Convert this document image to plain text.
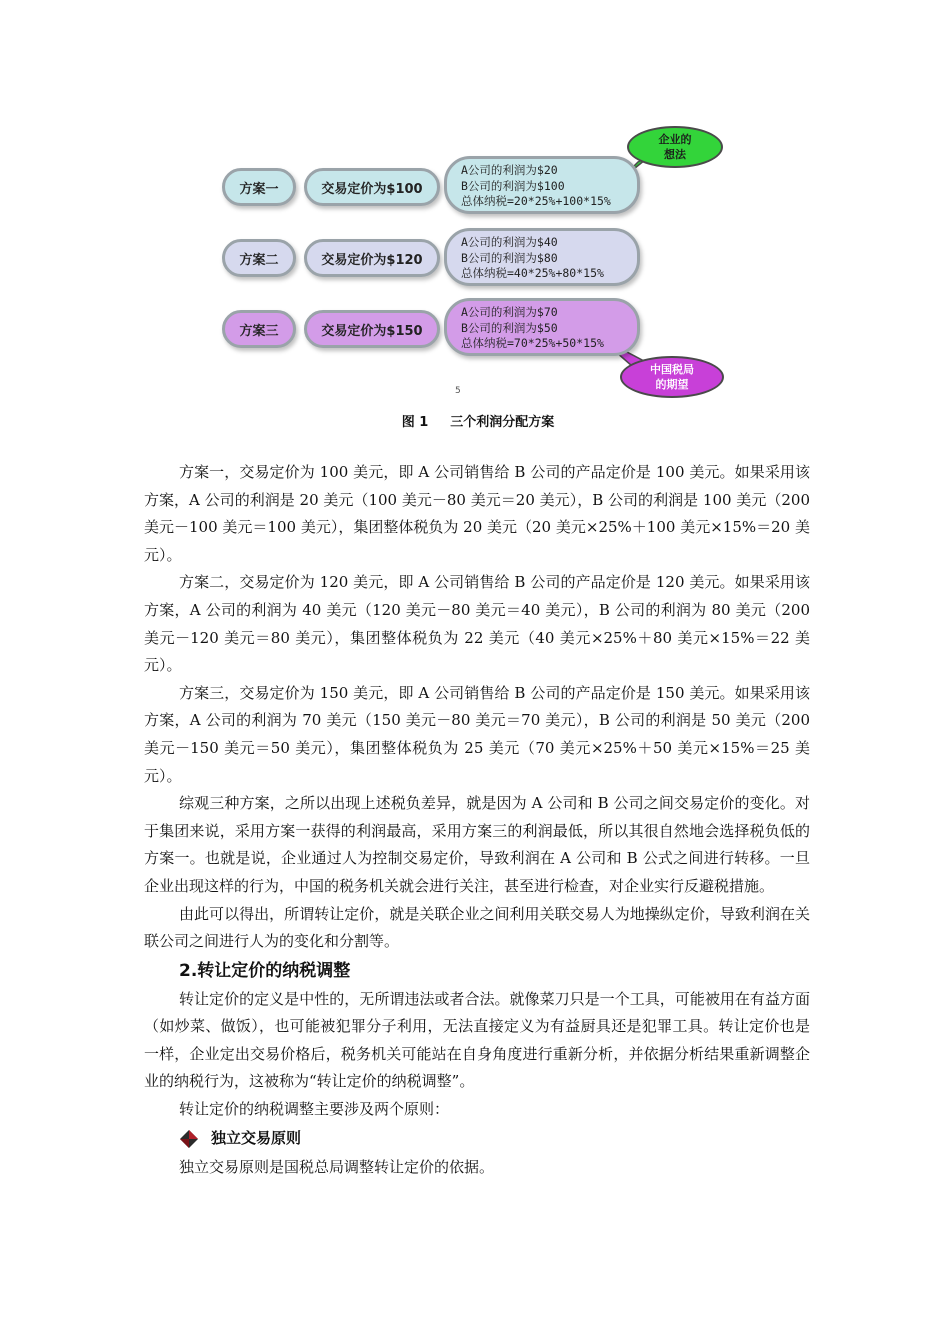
方案一	交易定价为$100
A公司的利润为$20
B公司的利润为$100
总体纳税=20*25%+100*15%
方案二	交易定价为$120
A公司的利润为$40
B公司的利润为$80
总体纳税=40*25%+80*15%
方案三	交易定价为$150
A公司的利润为$70
B公司的利润为$50
总体纳税=70*25%+50*15%
企业的
想法
中国税局
的期望
5
图 1 三个利润分配方案

方案一，交易定价为 100 美元，即 A 公司销售给 B 公司的产品定价是 100 美元。如果采用该方案，A 公司的利润是 20 美元（100 美元－80 美元＝20 美元），B 公司的利润是 100 美元（200 美元－100 美元＝100 美元），集团整体税负为 20 美元（20 美元×25%＋100 美元×15%＝20 美元）。

方案二，交易定价为 120 美元，即 A 公司销售给 B 公司的产品定价是 120 美元。如果采用该方案，A 公司的利润为 40 美元（120 美元－80 美元＝40 美元），B 公司的利润为 80 美元（200 美元－120 美元＝80 美元），集团整体税负为 22 美元（40 美元×25%＋80 美元×15%＝22 美元）。

方案三，交易定价为 150 美元，即 A 公司销售给 B 公司的产品定价是 150 美元。如果采用该方案，A 公司的利润为 70 美元（150 美元－80 美元＝70 美元），B 公司的利润是 50 美元（200 美元－150 美元＝50 美元），集团整体税负为 25 美元（70 美元×25%＋50 美元×15%＝25 美元）。

综观三种方案，之所以出现上述税负差异，就是因为 A 公司和 B 公司之间交易定价的变化。对于集团来说，采用方案一获得的利润最高，采用方案三的利润最低，所以其很自然地会选择税负低的方案一。也就是说，企业通过人为控制交易定价，导致利润在 A 公司和 B 公式之间进行转移。一旦企业出现这样的行为，中国的税务机关就会进行关注，甚至进行检查，对企业实行反避税措施。

由此可以得出，所谓转让定价，就是关联企业之间利用关联交易人为地操纵定价，导致利润在关联公司之间进行人为的变化和分割等。

2.转让定价的纳税调整

转让定价的定义是中性的，无所谓违法或者合法。就像菜刀只是一个工具，可能被用在有益方面（如炒菜、做饭），也可能被犯罪分子利用，无法直接定义为有益厨具还是犯罪工具。转让定价也是一样，企业定出交易价格后，税务机关可能站在自身角度进行重新分析，并依据分析结果重新调整企业的纳税行为，这被称为“转让定价的纳税调整”。

转让定价的纳税调整主要涉及两个原则：

独立交易原则

独立交易原则是国税总局调整转让定价的依据。
